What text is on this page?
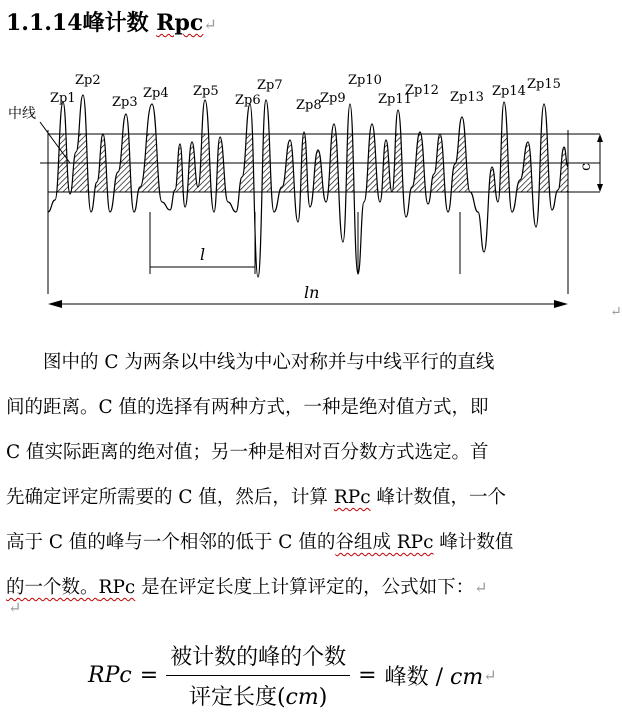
1.1.14峰计数 Rpc↵
c
中线
l
ln
Zp1
Zp2
Zp3
Zp4 Zp5
Zp6
Zp7
Zp8
Zp9
Zp10
Zp11
Zp12 Zp13 Zp14 Zp15
↵

图中的 C 为两条以中线为中心对称并与中线平行的直线

间的距离。C 值的选择有两种方式，一种是绝对值方式，即

C 值实际距离的绝对值；另一种是相对百分数方式选定。首

先确定评定所需要的 C 值，然后，计算 RPc 峰计数值，一个

高于 C 值的峰与一个相邻的低于 C 值的谷组成 RPc 峰计数值

的一个数。RPc 是在评定长度上计算评定的，公式如下：↵

↵
RPc = $\frac{\text{被计数的峰的个数}}{\text{评定长度(cm)}}$ = 峰数 / cm ↵
